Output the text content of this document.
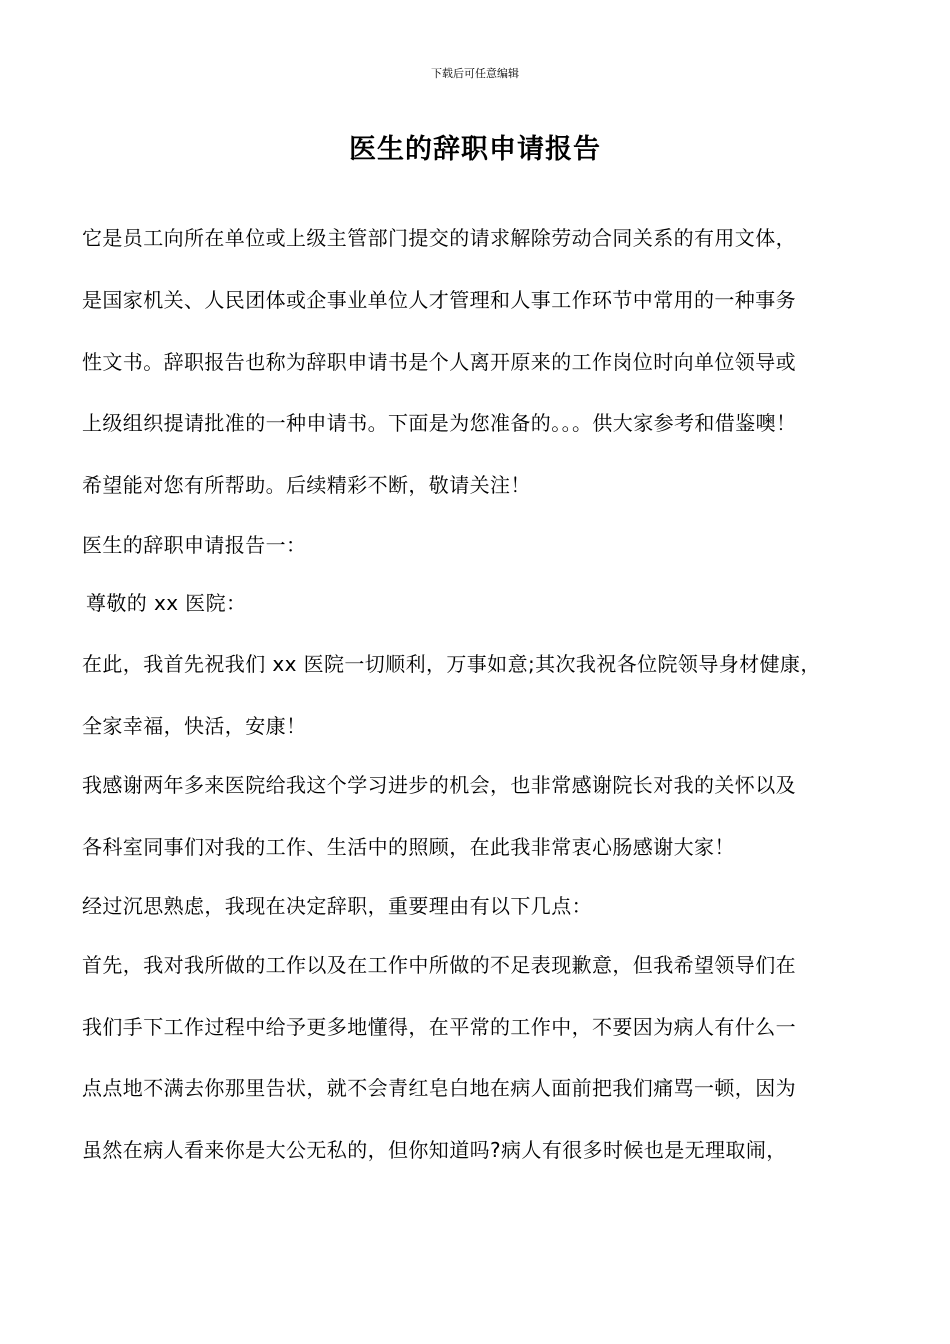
下载后可任意编辑
医生的辞职申请报告
它是员工向所在单位或上级主管部门提交的请求解除劳动合同关系的有用文体，
是国家机关、人民团体或企事业单位人才管理和人事工作环节中常用的一种事务
性文书。辞职报告也称为辞职申请书是个人离开原来的工作岗位时向单位领导或
上级组织提请批准的一种申请书。下面是为您准备的。。。供大家参考和借鉴噢！
希望能对您有所帮助。后续精彩不断，敬请关注！
医生的辞职申请报告一：
尊敬的 xx 医院：
在此，我首先祝我们 xx 医院一切顺利，万事如意;其次我祝各位院领导身材健康，
全家幸福，快活，安康！
我感谢两年多来医院给我这个学习进步的机会，也非常感谢院长对我的关怀以及
各科室同事们对我的工作、生活中的照顾，在此我非常衷心肠感谢大家！
经过沉思熟虑，我现在决定辞职，重要理由有以下几点：
首先，我对我所做的工作以及在工作中所做的不足表现歉意，但我希望领导们在
我们手下工作过程中给予更多地懂得，在平常的工作中，不要因为病人有什么一
点点地不满去你那里告状，就不会青红皂白地在病人面前把我们痛骂一顿，因为
虽然在病人看来你是大公无私的，但你知道吗?病人有很多时候也是无理取闹，
